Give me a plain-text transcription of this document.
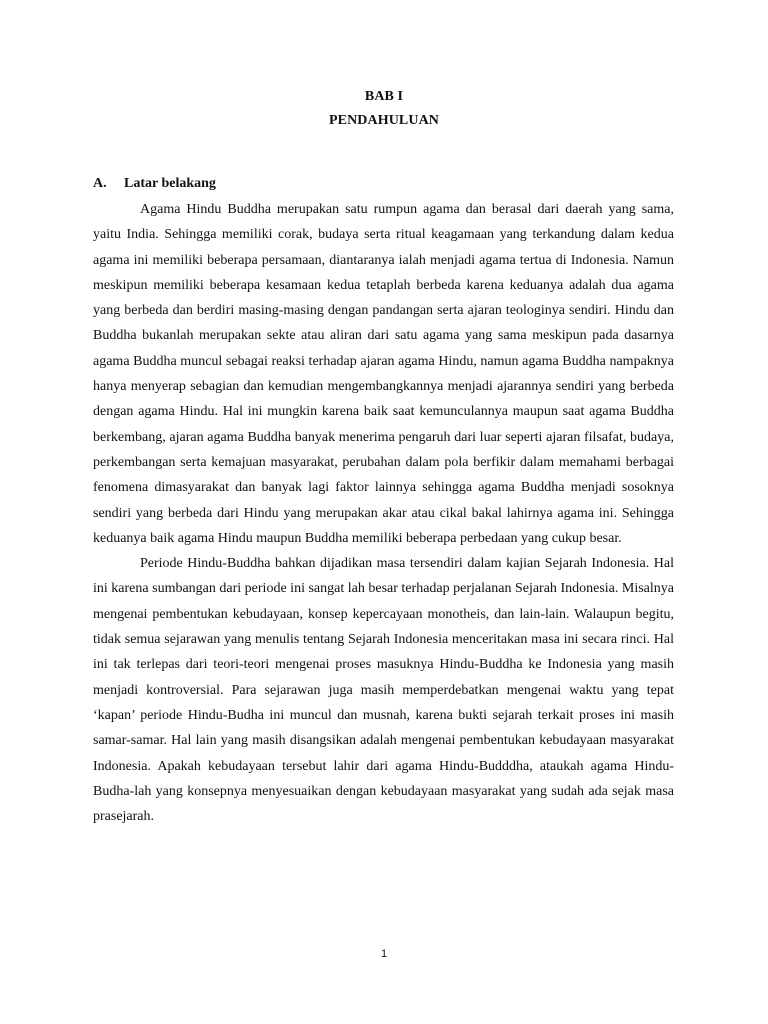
BAB I
PENDAHULUAN
A.	Latar belakang

Agama Hindu Buddha merupakan satu rumpun agama dan berasal dari daerah yang sama, yaitu India. Sehingga memiliki corak, budaya serta ritual keagamaan yang terkandung dalam kedua agama ini memiliki beberapa persamaan, diantaranya ialah menjadi agama tertua di Indonesia. Namun meskipun memiliki beberapa kesamaan kedua tetaplah berbeda karena keduanya adalah dua agama yang berbeda dan berdiri masing-masing dengan pandangan serta ajaran teologinya sendiri. Hindu dan Buddha bukanlah merupakan sekte atau aliran dari satu agama yang sama meskipun pada dasarnya agama Buddha muncul sebagai reaksi terhadap ajaran agama Hindu, namun agama Buddha nampaknya hanya menyerap sebagian dan kemudian mengembangkannya menjadi ajarannya sendiri yang berbeda dengan agama Hindu. Hal ini mungkin karena baik saat kemunculannya maupun saat agama Buddha berkembang, ajaran agama Buddha banyak menerima pengaruh dari luar seperti ajaran filsafat, budaya, perkembangan serta kemajuan masyarakat, perubahan dalam pola berfikir dalam memahami berbagai fenomena dimasyarakat dan banyak lagi faktor lainnya sehingga agama Buddha menjadi sosoknya sendiri yang berbeda dari Hindu yang merupakan akar atau cikal bakal lahirnya agama ini. Sehingga keduanya baik agama Hindu maupun Buddha memiliki beberapa perbedaan yang cukup besar.

Periode Hindu-Buddha bahkan dijadikan masa tersendiri dalam kajian Sejarah Indonesia. Hal ini karena sumbangan dari periode ini sangat lah besar terhadap perjalanan Sejarah Indonesia. Misalnya mengenai pembentukan kebudayaan, konsep kepercayaan monotheis, dan lain-lain. Walaupun begitu, tidak semua sejarawan yang menulis tentang Sejarah Indonesia menceritakan masa ini secara rinci. Hal ini tak terlepas dari teori-teori mengenai proses masuknya Hindu-Buddha ke Indonesia yang masih menjadi kontroversial. Para sejarawan juga masih memperdebatkan mengenai waktu yang tepat ‘kapan’ periode Hindu-Budha ini muncul dan musnah, karena bukti sejarah terkait proses ini masih samar-samar. Hal lain yang masih disangsikan adalah mengenai pembentukan kebudayaan masyarakat Indonesia. Apakah kebudayaan tersebut lahir dari agama Hindu-Budddha, ataukah agama Hindu-Budha-lah yang konsepnya menyesuaikan dengan kebudayaan masyarakat yang sudah ada sejak masa prasejarah.

1
